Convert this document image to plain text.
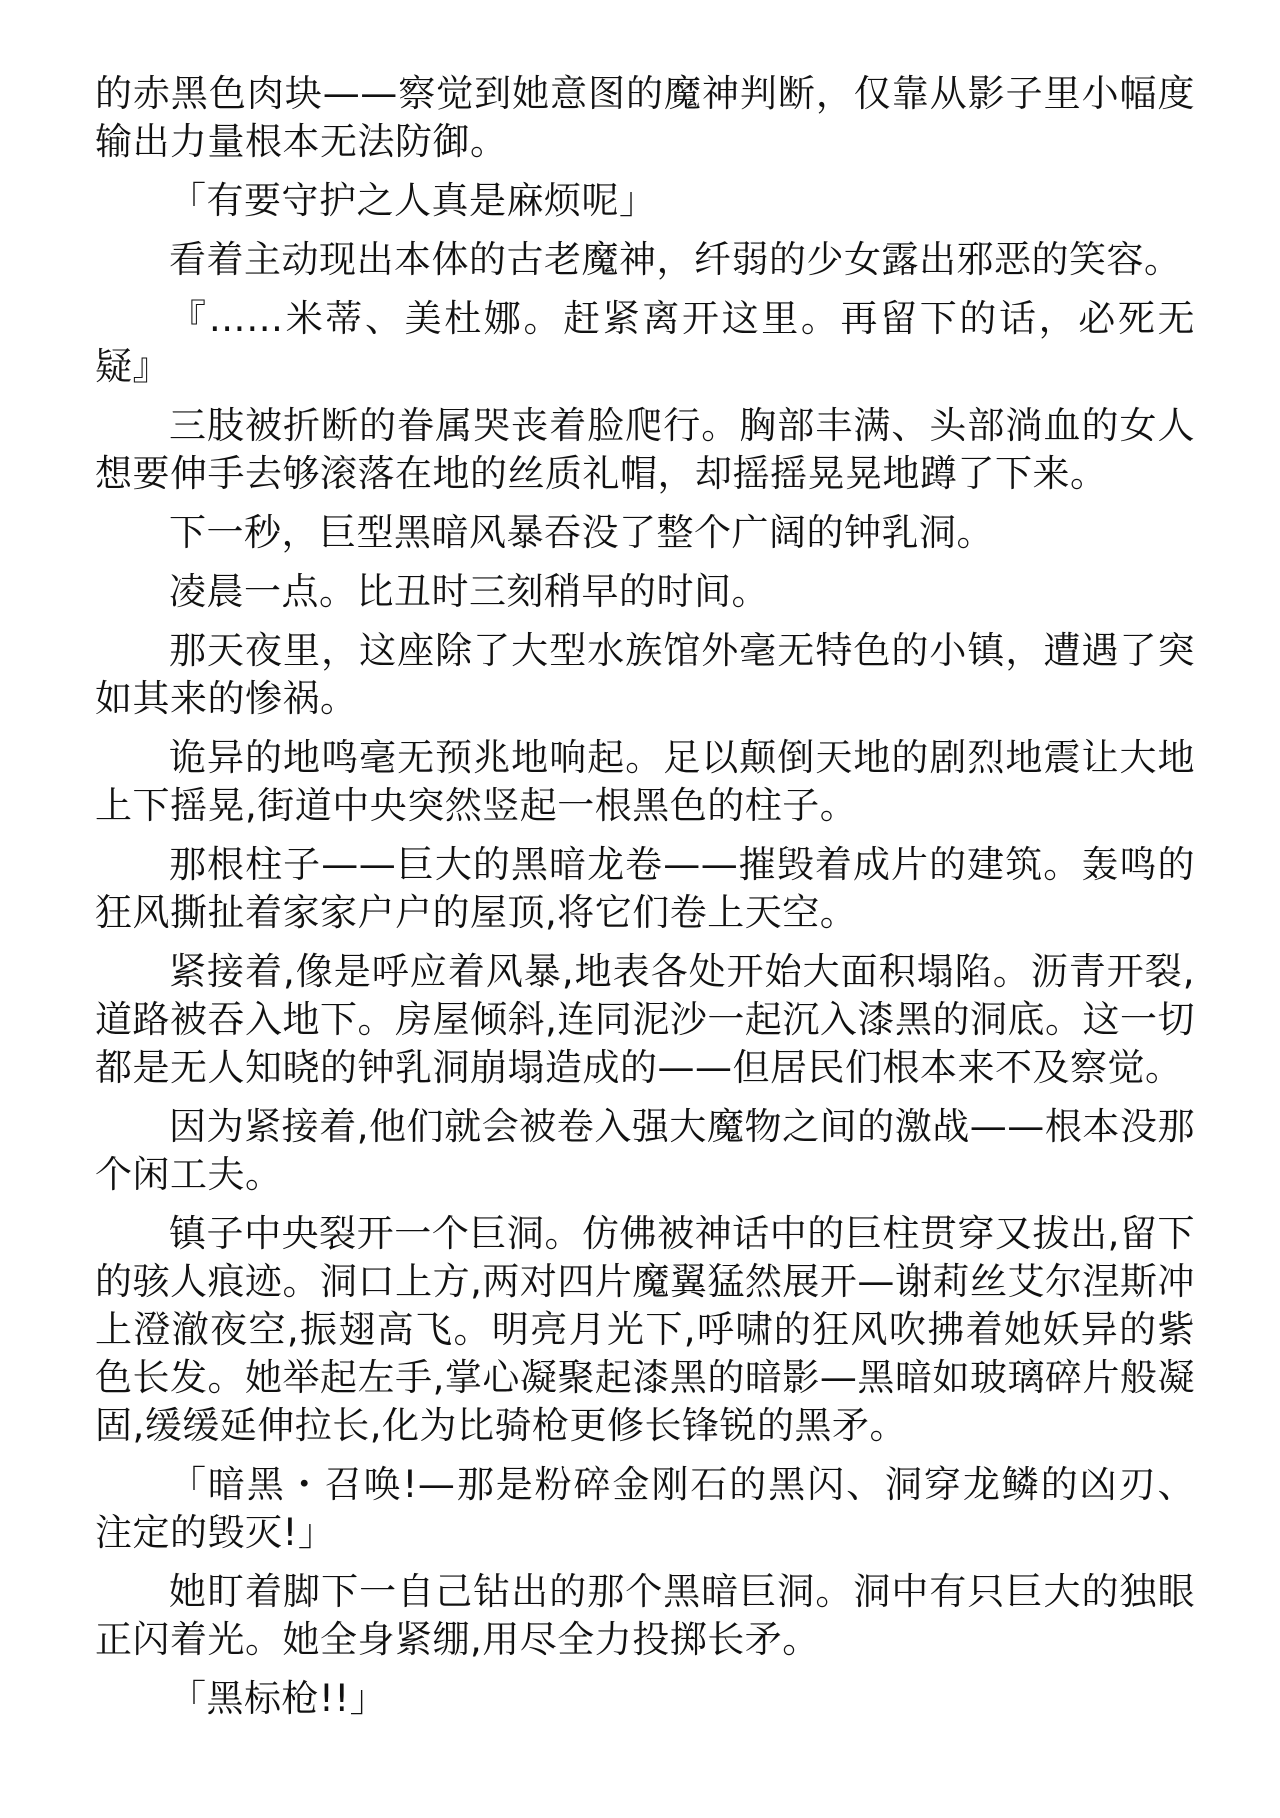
的赤黑色肉块——察觉到她意图的魔神判断，仅靠从影子里小幅度输出力量根本无法防御。

「有要守护之人真是麻烦呢」

看着主动现出本体的古老魔神，纤弱的少女露出邪恶的笑容。

『……米蒂、美杜娜。赶紧离开这里。再留下的话，必死无疑』

三肢被折断的眷属哭丧着脸爬行。胸部丰满、头部淌血的女人想要伸手去够滚落在地的丝质礼帽，却摇摇晃晃地蹲了下来。

下一秒，巨型黑暗风暴吞没了整个广阔的钟乳洞。

凌晨一点。比丑时三刻稍早的时间。

那天夜里，这座除了大型水族馆外毫无特色的小镇，遭遇了突如其来的惨祸。

诡异的地鸣毫无预兆地响起。足以颠倒天地的剧烈地震让大地上下摇晃,街道中央突然竖起一根黑色的柱子。

那根柱子——巨大的黑暗龙卷——摧毁着成片的建筑。轰鸣的狂风撕扯着家家户户的屋顶,将它们卷上天空。

紧接着,像是呼应着风暴,地表各处开始大面积塌陷。沥青开裂,道路被吞入地下。房屋倾斜,连同泥沙一起沉入漆黑的洞底。这一切都是无人知晓的钟乳洞崩塌造成的——但居民们根本来不及察觉。

因为紧接着,他们就会被卷入强大魔物之间的激战——根本没那个闲工夫。

镇子中央裂开一个巨洞。仿佛被神话中的巨柱贯穿又拔出,留下的骇人痕迹。洞口上方,两对四片魔翼猛然展开—谢莉丝艾尔涅斯冲上澄澈夜空,振翅高飞。明亮月光下,呼啸的狂风吹拂着她妖异的紫色长发。她举起左手,掌心凝聚起漆黑的暗影—黑暗如玻璃碎片般凝固,缓缓延伸拉长,化为比骑枪更修长锋锐的黑矛。

「暗黑・召唤!—那是粉碎金刚石的黑闪、洞穿龙鳞的凶刃、注定的毁灭!」

她盯着脚下一自己钻出的那个黑暗巨洞。洞中有只巨大的独眼正闪着光。她全身紧绷,用尽全力投掷长矛。

「黑标枪!!」
